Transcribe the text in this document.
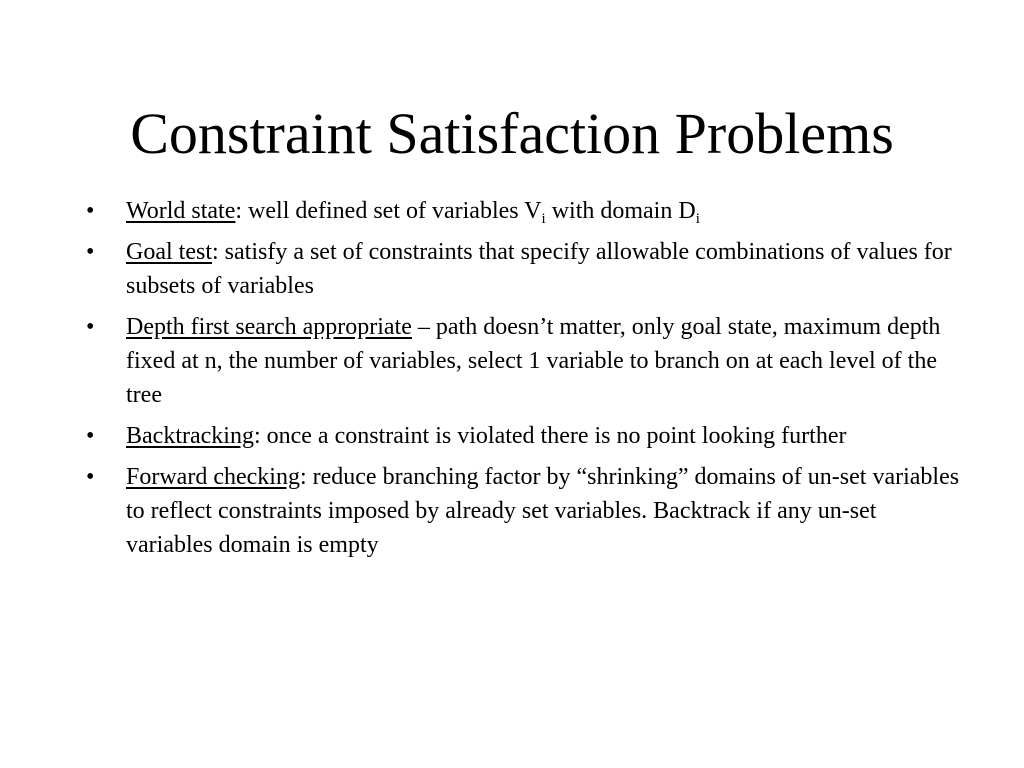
Constraint Satisfaction Problems
• World state: well defined set of variables $V_i$ with domain $D_i$
• Goal test: satisfy a set of constraints that specify allowable combinations of values for subsets of variables
• Depth first search appropriate – path doesn’t matter, only goal state, maximum depth fixed at n, the number of variables, select 1 variable to branch on at each level of the tree
• Backtracking: once a constraint is violated there is no point looking further
• Forward checking: reduce branching factor by “shrinking” domains of un-set variables to reflect constraints imposed by already set variables. Backtrack if any un-set variables domain is empty
